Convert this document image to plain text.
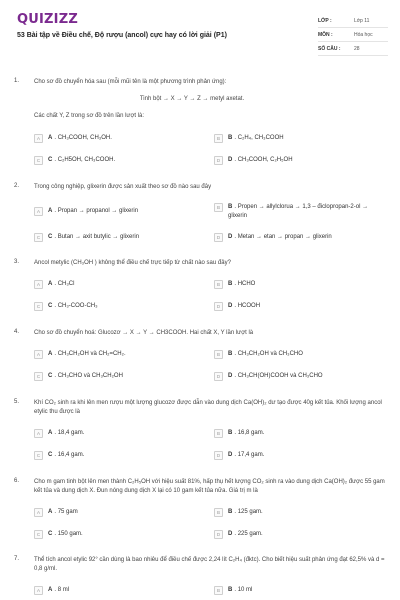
QUIZIZZ
53 Bài tập về Điều chế, Độ rượu (ancol) cực hay có lời giải (P1)
LỚP :	Lớp 11
MÔN :	Hóa học
SỐ CÂU :	28
1. Cho sơ đồ chuyển hóa sau (mỗi mũi tên là một phương trình phản ứng):
Tinh bột → X → Y → Z → metyl axetat.
Các chất Y, Z trong sơ đồ trên lần lượt là:
A	A . CH₃COOH, CH₃OH.	B	B . C₂H₄, CH₃COOH
C	C . C₂H5OH, CH₃COOH.	D	D . CH₃COOH, C₂H₅OH
2. Trong công nghiệp, glixerin được sản xuất theo sơ đồ nào sau đây
A	A . Propan → propanol → glixerin
B	B . Propen → allylclorua → 1,3 – điclopropan-2-ol → glixerin
C	C . Butan → axit butylic → glixerin	D	D . Metan → etan → propan → glixerin
3. Ancol metylic (CH₃OH ) không thể điều chế trực tiếp từ chất nào sau đây?
A	A . CH₃Cl	B	B . HCHO
C	C . CH₃-COO-CH₃	D	D . HCOOH
4. Cho sơ đồ chuyển hoá: Glucozơ → X → Y → CH3COOH. Hai chất X, Y lần lượt là
A	A . CH₃CH₂OH và CH₂=CH₂.	B	B . CH₃CH₂OH và CH₃CHO
C	C . CH₃CHO và CH₃CH₂OH	D	D . CH₃CH(OH)COOH và CH₃CHO
5. Khí CO₂ sinh ra khi lên men rượu một lượng glucozơ được dẫn vào dung dịch Ca(OH)₂ dư tạo được 40g kết tủa. Khối lượng ancol etylic thu được là
A	A . 18,4 gam.	B	B . 16,8 gam.
C	C . 16,4 gam.	D	D . 17,4 gam.
6. Cho m gam tinh bột lên men thành C₂H₅OH với hiệu suất 81%, hấp thụ hết lượng CO₂ sinh ra vào dung dịch Ca(OH)₂ được 55 gam kết tủa và dung dịch X. Đun nóng dung dịch X lại có 10 gam kết tủa nữa. Giá trị m là
A	A . 75 gam	B	B . 125 gam.
C	C . 150 gam.	D	D . 225 gam.
7. Thể tích ancol etylic 92° cần dùng là bao nhiêu để điều chế được 2,24 lít C₂H₄ (đktc). Cho biết hiệu suất phản ứng đạt 62,5% và d = 0,8 g/ml.
A	A . 8 ml	B	B . 10 ml
